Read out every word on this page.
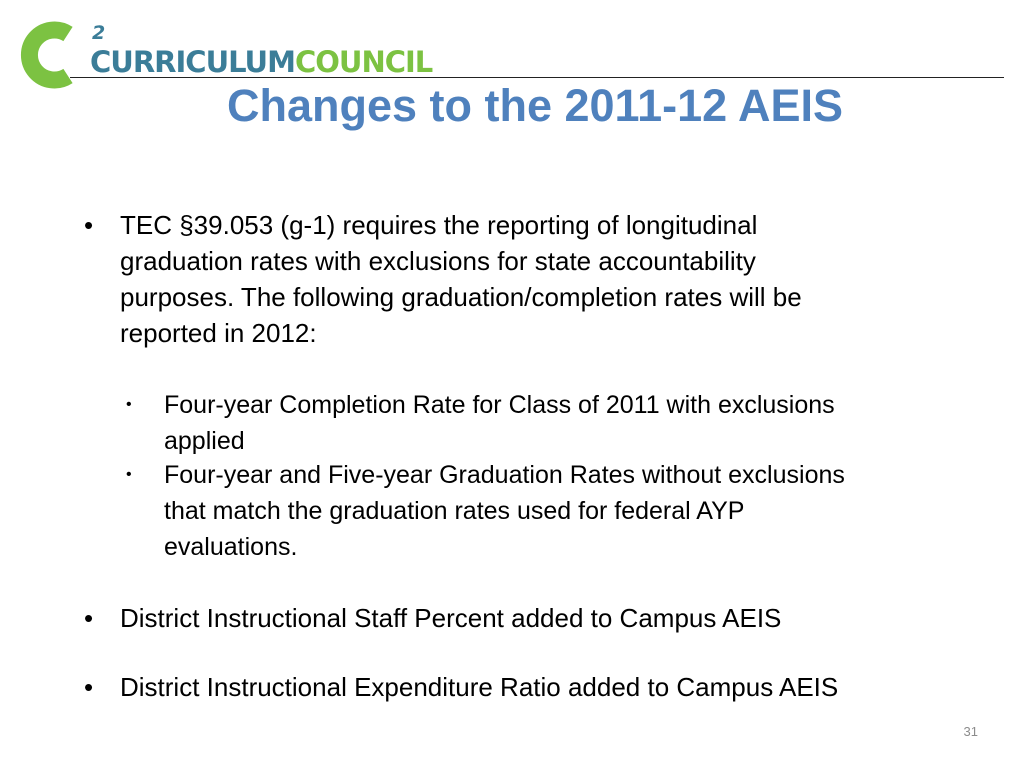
2
CURRICULUMCOUNCIL
Changes to the 2011-12 AEIS
• TEC §39.053 (g-1) requires the reporting of longitudinal
graduation rates with exclusions for state accountability
purposes. The following graduation/completion rates will be
reported in 2012:
• Four-year Completion Rate for Class of 2011 with exclusions
applied
• Four-year and Five-year Graduation Rates without exclusions
that match the graduation rates used for federal AYP
evaluations.
• District Instructional Staff Percent added to Campus AEIS
• District Instructional Expenditure Ratio added to Campus AEIS
31
